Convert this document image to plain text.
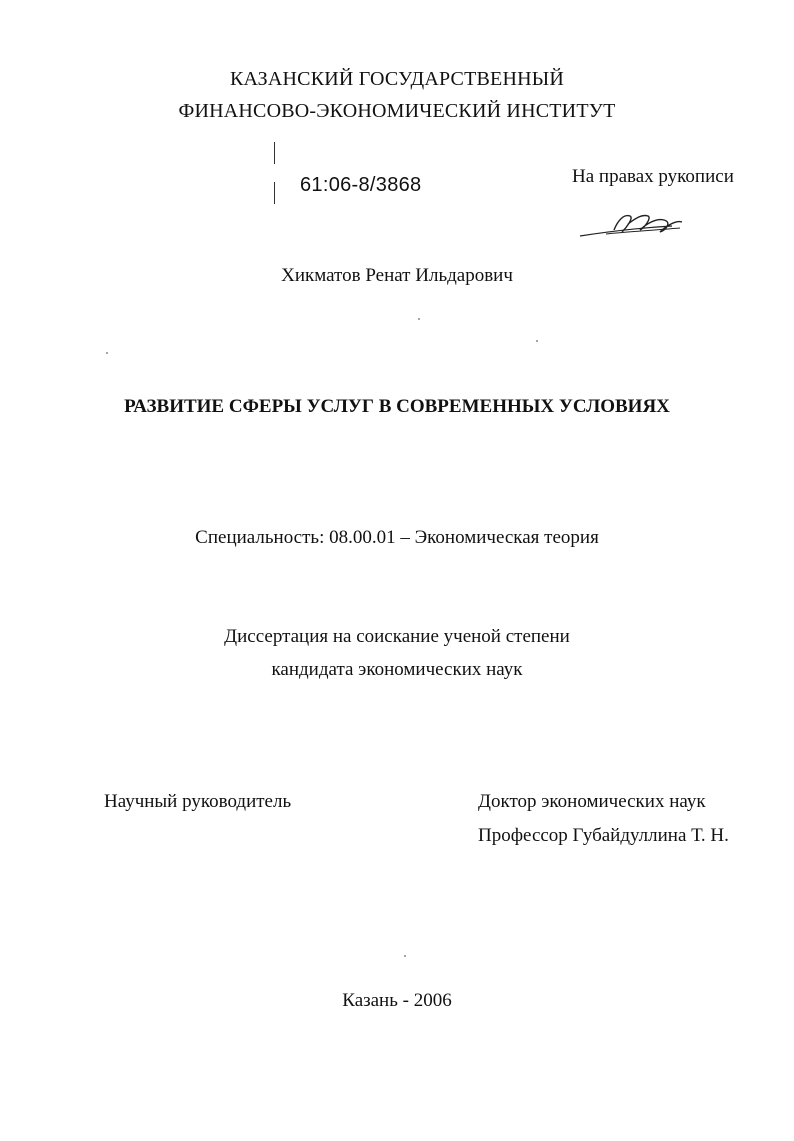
КАЗАНСКИЙ ГОСУДАРСТВЕННЫЙ
ФИНАНСОВО-ЭКОНОМИЧЕСКИЙ ИНСТИТУТ
61:06-8/3868	На правах рукописи
Хикматов Ренат Ильдарович
РАЗВИТИЕ СФЕРЫ УСЛУГ В СОВРЕМЕННЫХ УСЛОВИЯХ
Специальность: 08.00.01 – Экономическая теория
Диссертация на соискание ученой степени
кандидата экономических наук
Научный руководитель	Доктор экономических наук
Профессор Губайдуллина Т. Н.
Казань - 2006
